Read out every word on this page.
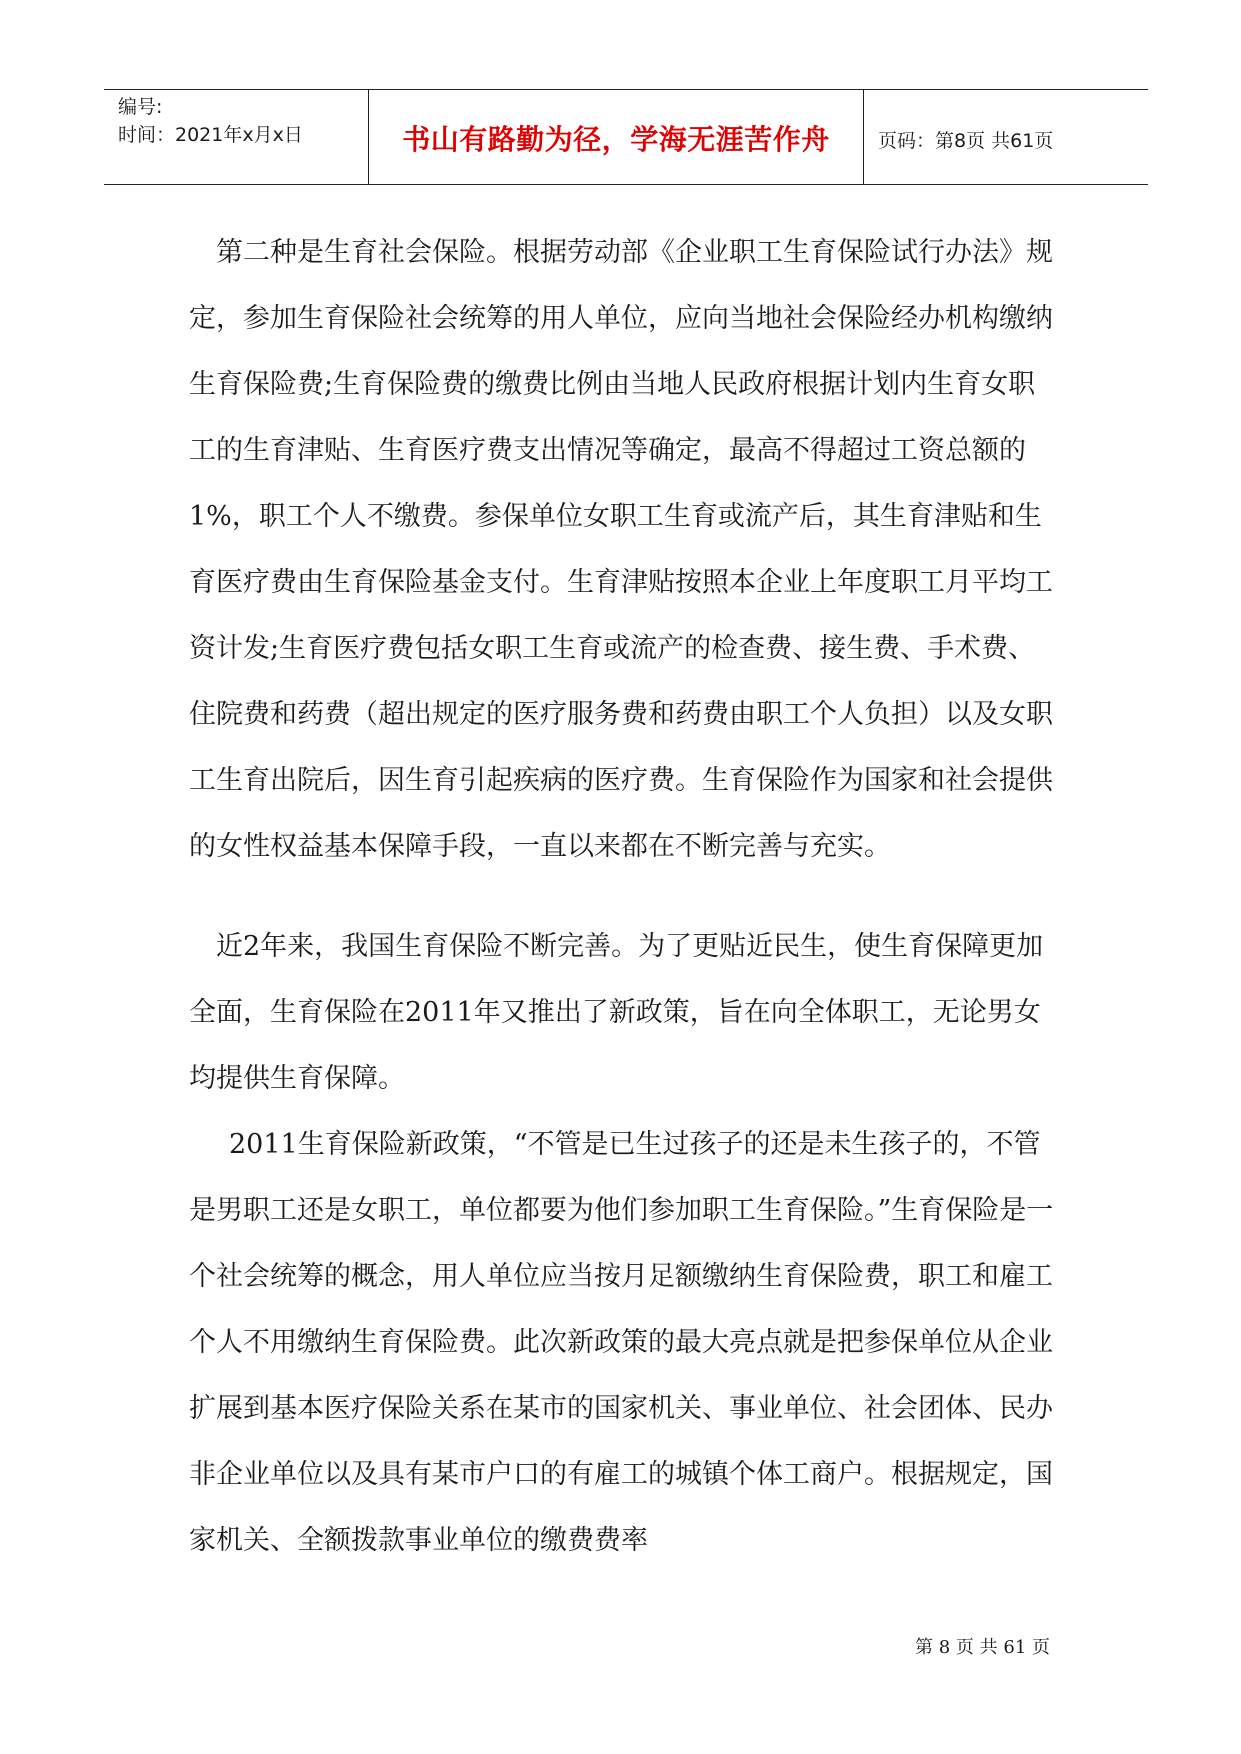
编号:
时间：2021年x月x日	书山有路勤为径，学海无涯苦作舟	页码：第8页 共61页

第二种是生育社会保险。根据劳动部《企业职工生育保险试行办法》规定，参加生育保险社会统筹的用人单位，应向当地社会保险经办机构缴纳生育保险费;生育保险费的缴费比例由当地人民政府根据计划内生育女职工的生育津贴、生育医疗费支出情况等确定，最高不得超过工资总额的1%，职工个人不缴费。参保单位女职工生育或流产后，其生育津贴和生育医疗费由生育保险基金支付。生育津贴按照本企业上年度职工月平均工资计发;生育医疗费包括女职工生育或流产的检查费、接生费、手术费、住院费和药费（超出规定的医疗服务费和药费由职工个人负担）以及女职工生育出院后，因生育引起疾病的医疗费。生育保险作为国家和社会提供的女性权益基本保障手段，一直以来都在不断完善与充实。

近2年来，我国生育保险不断完善。为了更贴近民生，使生育保障更加全面，生育保险在2011年又推出了新政策，旨在向全体职工，无论男女均提供生育保障。

2011生育保险新政策，“不管是已生过孩子的还是未生孩子的，不管是男职工还是女职工，单位都要为他们参加职工生育保险。”生育保险是一个社会统筹的概念，用人单位应当按月足额缴纳生育保险费，职工和雇工个人不用缴纳生育保险费。此次新政策的最大亮点就是把参保单位从企业扩展到基本医疗保险关系在某市的国家机关、事业单位、社会团体、民办非企业单位以及具有某市户口的有雇工的城镇个体工商户。根据规定，国家机关、全额拨款事业单位的缴费费率

第 8 页 共 61 页
